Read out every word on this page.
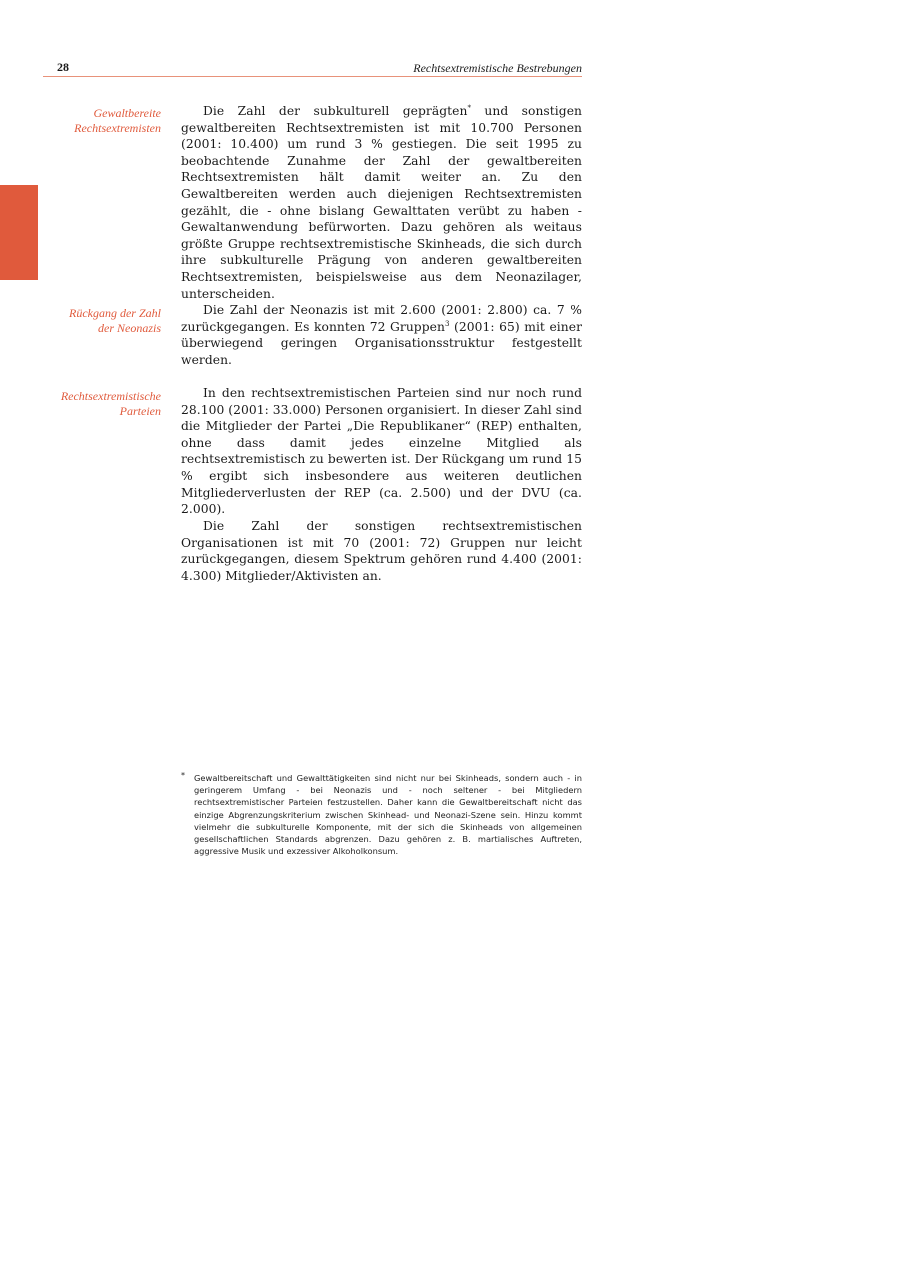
28	Rechtsextremistische Bestrebungen
Gewaltbereite
Rechtsextremisten
Rückgang der Zahl
der Neonazis
Rechtsextremistische
Parteien

Die Zahl der subkulturell geprägten* und sonstigen gewaltbereiten Rechtsextremisten ist mit 10.700 Personen (2001: 10.400) um rund 3 % gestiegen. Die seit 1995 zu beobachtende Zunahme der Zahl der gewaltbereiten Rechtsextremisten hält damit weiter an. Zu den Gewaltbereiten werden auch diejenigen Rechtsextremisten gezählt, die - ohne bislang Gewalttaten verübt zu haben - Gewaltanwendung befürworten. Dazu gehören als weitaus größte Gruppe rechtsextremistische Skinheads, die sich durch ihre subkulturelle Prägung von anderen gewaltbereiten Rechtsextremisten, beispielsweise aus dem Neonazilager, unterscheiden.

Die Zahl der Neonazis ist mit 2.600 (2001: 2.800) ca. 7 % zurückgegangen. Es konnten 72 Gruppen$^3$ (2001: 65) mit einer überwiegend geringen Organisationsstruktur festgestellt werden.

In den rechtsextremistischen Parteien sind nur noch rund 28.100 (2001: 33.000) Personen organisiert. In dieser Zahl sind die Mitglieder der Partei „Die Republikaner“ (REP) enthalten, ohne dass damit jedes einzelne Mitglied als rechtsextremistisch zu bewerten ist. Der Rückgang um rund 15 % ergibt sich insbesondere aus weiteren deutlichen Mitgliederverlusten der REP (ca. 2.500) und der DVU (ca. 2.000).

Die Zahl der sonstigen rechtsextremistischen Organisationen ist mit 70 (2001: 72) Gruppen nur leicht zurückgegangen, diesem Spektrum gehören rund 4.400 (2001: 4.300) Mitglieder/Aktivisten an.

*	Gewaltbereitschaft und Gewalttätigkeiten sind nicht nur bei Skinheads, sondern auch - in geringerem Umfang - bei Neonazis und - noch seltener - bei Mitgliedern rechtsextremistischer Parteien festzustellen. Daher kann die Gewaltbereitschaft nicht das einzige Abgrenzungskriterium zwischen Skinhead- und Neonazi-Szene sein. Hinzu kommt vielmehr die subkulturelle Komponente, mit der sich die Skinheads von allgemeinen gesellschaftlichen Standards abgrenzen. Dazu gehören z. B. martialisches Auftreten, aggressive Musik und exzessiver Alkoholkonsum.
